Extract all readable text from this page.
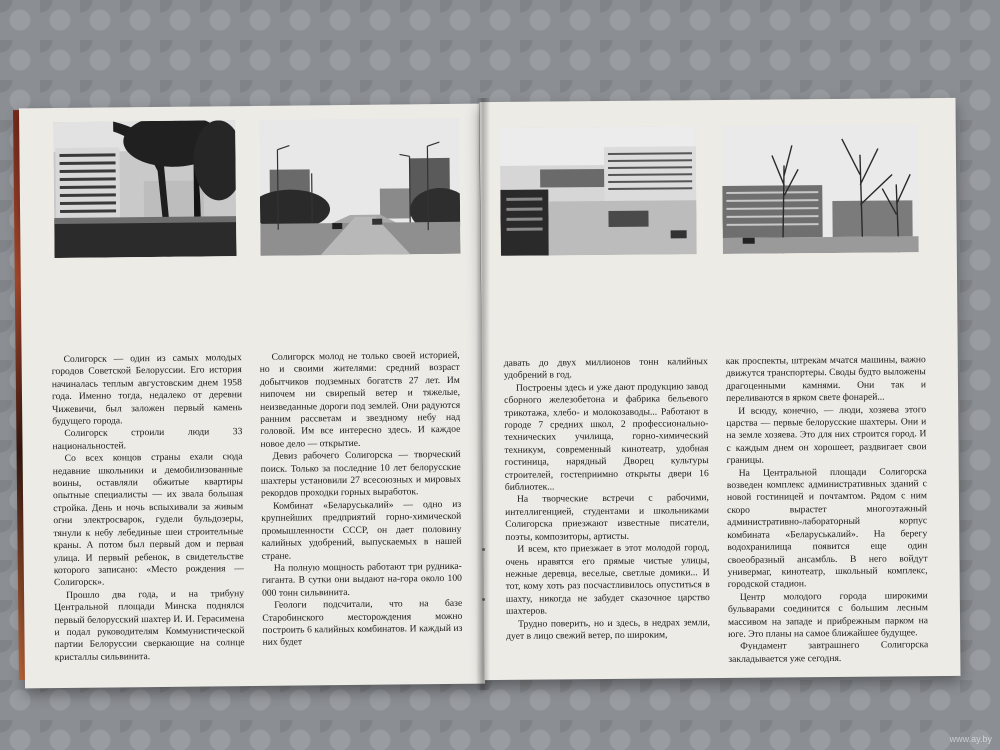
Солигорск — один из самых молодых городов Советской Белоруссии. Его история начиналась теплым августовским днем 1958 года. Именно тогда, недалеко от деревни Чижевичи, был заложен первый камень будущего города.

Солигорск строили люди 33 национальностей.

Со всех концов страны ехали сюда недавние школьники и демобилизованные воины, оставляли обжитые квартиры опытные специалисты — их звала большая стройка. День и ночь вспыхивали за живым огни электросварок, гудели бульдозеры, тянули к небу лебединые шеи строительные краны. А потом был первый дом и первая улица. И первый ребенок, в свидетельстве которого записано: «Место рождения — Солигорск».

Прошло два года, и на трибуну Центральной площади Минска поднялся первый белорусский шахтер И. И. Герасимена и подал руководителям Коммунистической партии Белоруссии сверкающие на солнце кристаллы сильвинита.

Солигорск молод не только своей историей, но и своими жителями: средний возраст добытчиков подземных богатств 27 лет. Им нипочем ни свирепый ветер и тяжелые, неизведанные дороги под землей. Они радуются ранним рассветам и звездному небу над головой. Им все интересно здесь. И каждое новое дело — открытие.

Девиз рабочего Солигорска — творческий поиск. Только за последние 10 лет белорусские шахтеры установили 27 всесоюзных и мировых рекордов проходки горных выработок.

Комбинат «Беларуськалий» — одно из крупнейших предприятий горно-химической промышленности СССР, он дает половину калийных удобрений, выпускаемых в нашей стране.

На полную мощность работают три рудника-гиганта. В сутки они выдают на-гора около 100 000 тонн сильвинита.

Геологи подсчитали, что на базе Старобинского месторождения можно построить 6 калийных комбинатов. И каждый из них будет

давать до двух миллионов тонн калийных удобрений в год.

Построены здесь и уже дают продукцию завод сборного железобетона и фабрика бельевого трикотажа, хлебо- и молокозаводы... Работают в городе 7 средних школ, 2 профессионально-технических училища, горно-химический техникум, современный кинотеатр, удобная гостиница, нарядный Дворец культуры строителей, гостеприимно открыты двери 16 библиотек...

На творческие встречи с рабочими, интеллигенцией, студентами и школьниками Солигорска приезжают известные писатели, поэты, композиторы, артисты.

И всем, кто приезжает в этот молодой город, очень нравятся его прямые чистые улицы, нежные деревца, веселые, светлые домики... И тот, кому хоть раз посчастливилось опуститься в шахту, никогда не забудет сказочное царство шахтеров.

Трудно поверить, но и здесь, в недрах земли, дует в лицо свежий ветер, по широким,

как проспекты, штрекам мчатся машины, важно движутся транспортеры. Своды будто выложены драгоценными камнями. Они так и переливаются в ярком свете фонарей...

И всюду, конечно, — люди, хозяева этого царства — первые белорусские шахтеры. Они и на земле хозяева. Это для них строится город. И с каждым днем он хорошеет, раздвигает свои границы.

На Центральной площади Солигорска возведен комплекс административных зданий с новой гостиницей и почтамтом. Рядом с ним скоро вырастет многоэтажный административно-лабораторный корпус комбината «Беларуськалий». На берегу водохранилища появится еще один своеобразный ансамбль. В него войдут универмаг, кинотеатр, школьный комплекс, городской стадион.

Центр молодого города широкими бульварами соединится с большим лесным массивом на западе и прибрежным парком на юге. Это планы на самое ближайшее будущее.

Фундамент завтрашнего Солигорска закладывается уже сегодня.

www.ay.by
